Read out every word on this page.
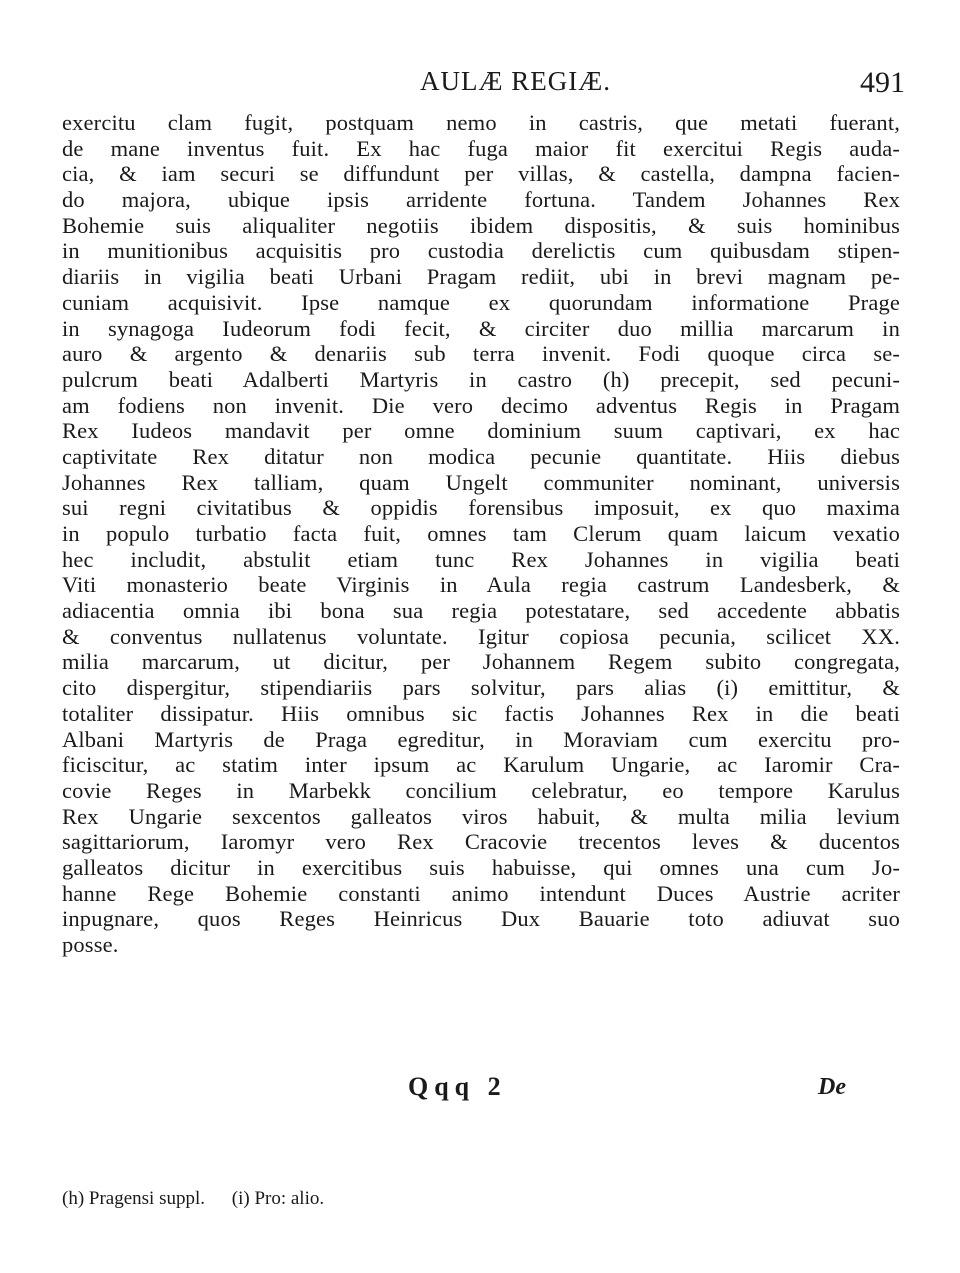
AULÆ REGIÆ.	491
exercitu clam fugit, postquam nemo in castris, que metati fuerant,
de mane inventus fuit. Ex hac fuga maior fit exercitui Regis auda-
cia, & iam securi se diffundunt per villas, & castella, dampna facien-
do majora, ubique ipsis arridente fortuna. Tandem Johannes Rex
Bohemie suis aliqualiter negotiis ibidem dispositis, & suis hominibus
in munitionibus acquisitis pro custodia derelictis cum quibusdam stipen-
diariis in vigilia beati Urbani Pragam rediit, ubi in brevi magnam pe-
cuniam acquisivit. Ipse namque ex quorundam informatione Prage
in synagoga Iudeorum fodi fecit, & circiter duo millia marcarum in
auro & argento & denariis sub terra invenit. Fodi quoque circa se-
pulcrum beati Adalberti Martyris in castro (h) precepit, sed pecuni-
am fodiens non invenit. Die vero decimo adventus Regis in Pragam
Rex Iudeos mandavit per omne dominium suum captivari, ex hac
captivitate Rex ditatur non modica pecunie quantitate. Hiis diebus
Johannes Rex talliam, quam Ungelt communiter nominant, universis
sui regni civitatibus & oppidis forensibus imposuit, ex quo maxima
in populo turbatio facta fuit, omnes tam Clerum quam laicum vexatio
hec includit, abstulit etiam tunc Rex Johannes in vigilia beati
Viti monasterio beate Virginis in Aula regia castrum Landesberk, &
adiacentia omnia ibi bona sua regia potestatare, sed accedente abbatis
& conventus nullatenus voluntate. Igitur copiosa pecunia, scilicet XX.
milia marcarum, ut dicitur, per Johannem Regem subito congregata,
cito dispergitur, stipendiariis pars solvitur, pars alias (i) emittitur, &
totaliter dissipatur. Hiis omnibus sic factis Johannes Rex in die beati
Albani Martyris de Praga egreditur, in Moraviam cum exercitu pro-
ficiscitur, ac statim inter ipsum ac Karulum Ungarie, ac Iaromir Cra-
covie Reges in Marbekk concilium celebratur, eo tempore Karulus
Rex Ungarie sexcentos galleatos viros habuit, & multa milia levium
sagittariorum, Iaromyr vero Rex Cracovie trecentos leves & ducentos
galleatos dicitur in exercitibus suis habuisse, qui omnes una cum Jo-
hanne Rege Bohemie constanti animo intendunt Duces Austrie acriter
inpugnare, quos Reges Heinricus Dux Bauarie toto adiuvat suo
posse.
Qqq 2	De
(h) Pragensi suppl. (i) Pro: alio.
